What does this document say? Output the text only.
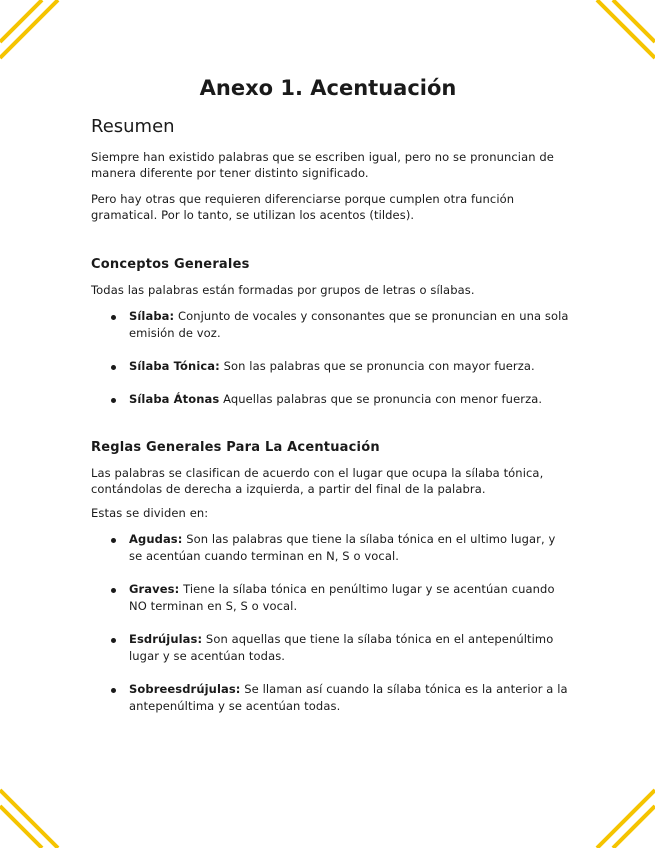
Anexo 1. Acentuación
Resumen

Siempre han existido palabras que se escriben igual, pero no se pronuncian de manera diferente por tener distinto significado.

Pero hay otras que requieren diferenciarse porque cumplen otra función gramatical. Por lo tanto, se utilizan los acentos (tildes).

Conceptos Generales

Todas las palabras están formadas por grupos de letras o sílabas.

Sílaba: Conjunto de vocales y consonantes que se pronuncian en una sola emisión de voz.
Sílaba Tónica: Son las palabras que se pronuncia con mayor fuerza.
Sílaba Átonas Aquellas palabras que se pronuncia con menor fuerza.
Reglas Generales Para La Acentuación

Las palabras se clasifican de acuerdo con el lugar que ocupa la sílaba tónica, contándolas de derecha a izquierda, a partir del final de la palabra.

Estas se dividen en:

Agudas: Son las palabras que tiene la sílaba tónica en el ultimo lugar, y se acentúan cuando terminan en N, S o vocal.
Graves: Tiene la sílaba tónica en penúltimo lugar y se acentúan cuando NO terminan en S, S o vocal.
Esdrújulas: Son aquellas que tiene la sílaba tónica en el antepenúltimo lugar y se acentúan todas.
Sobreesdrújulas: Se llaman así cuando la sílaba tónica es la anterior a la antepenúltima y se acentúan todas.
